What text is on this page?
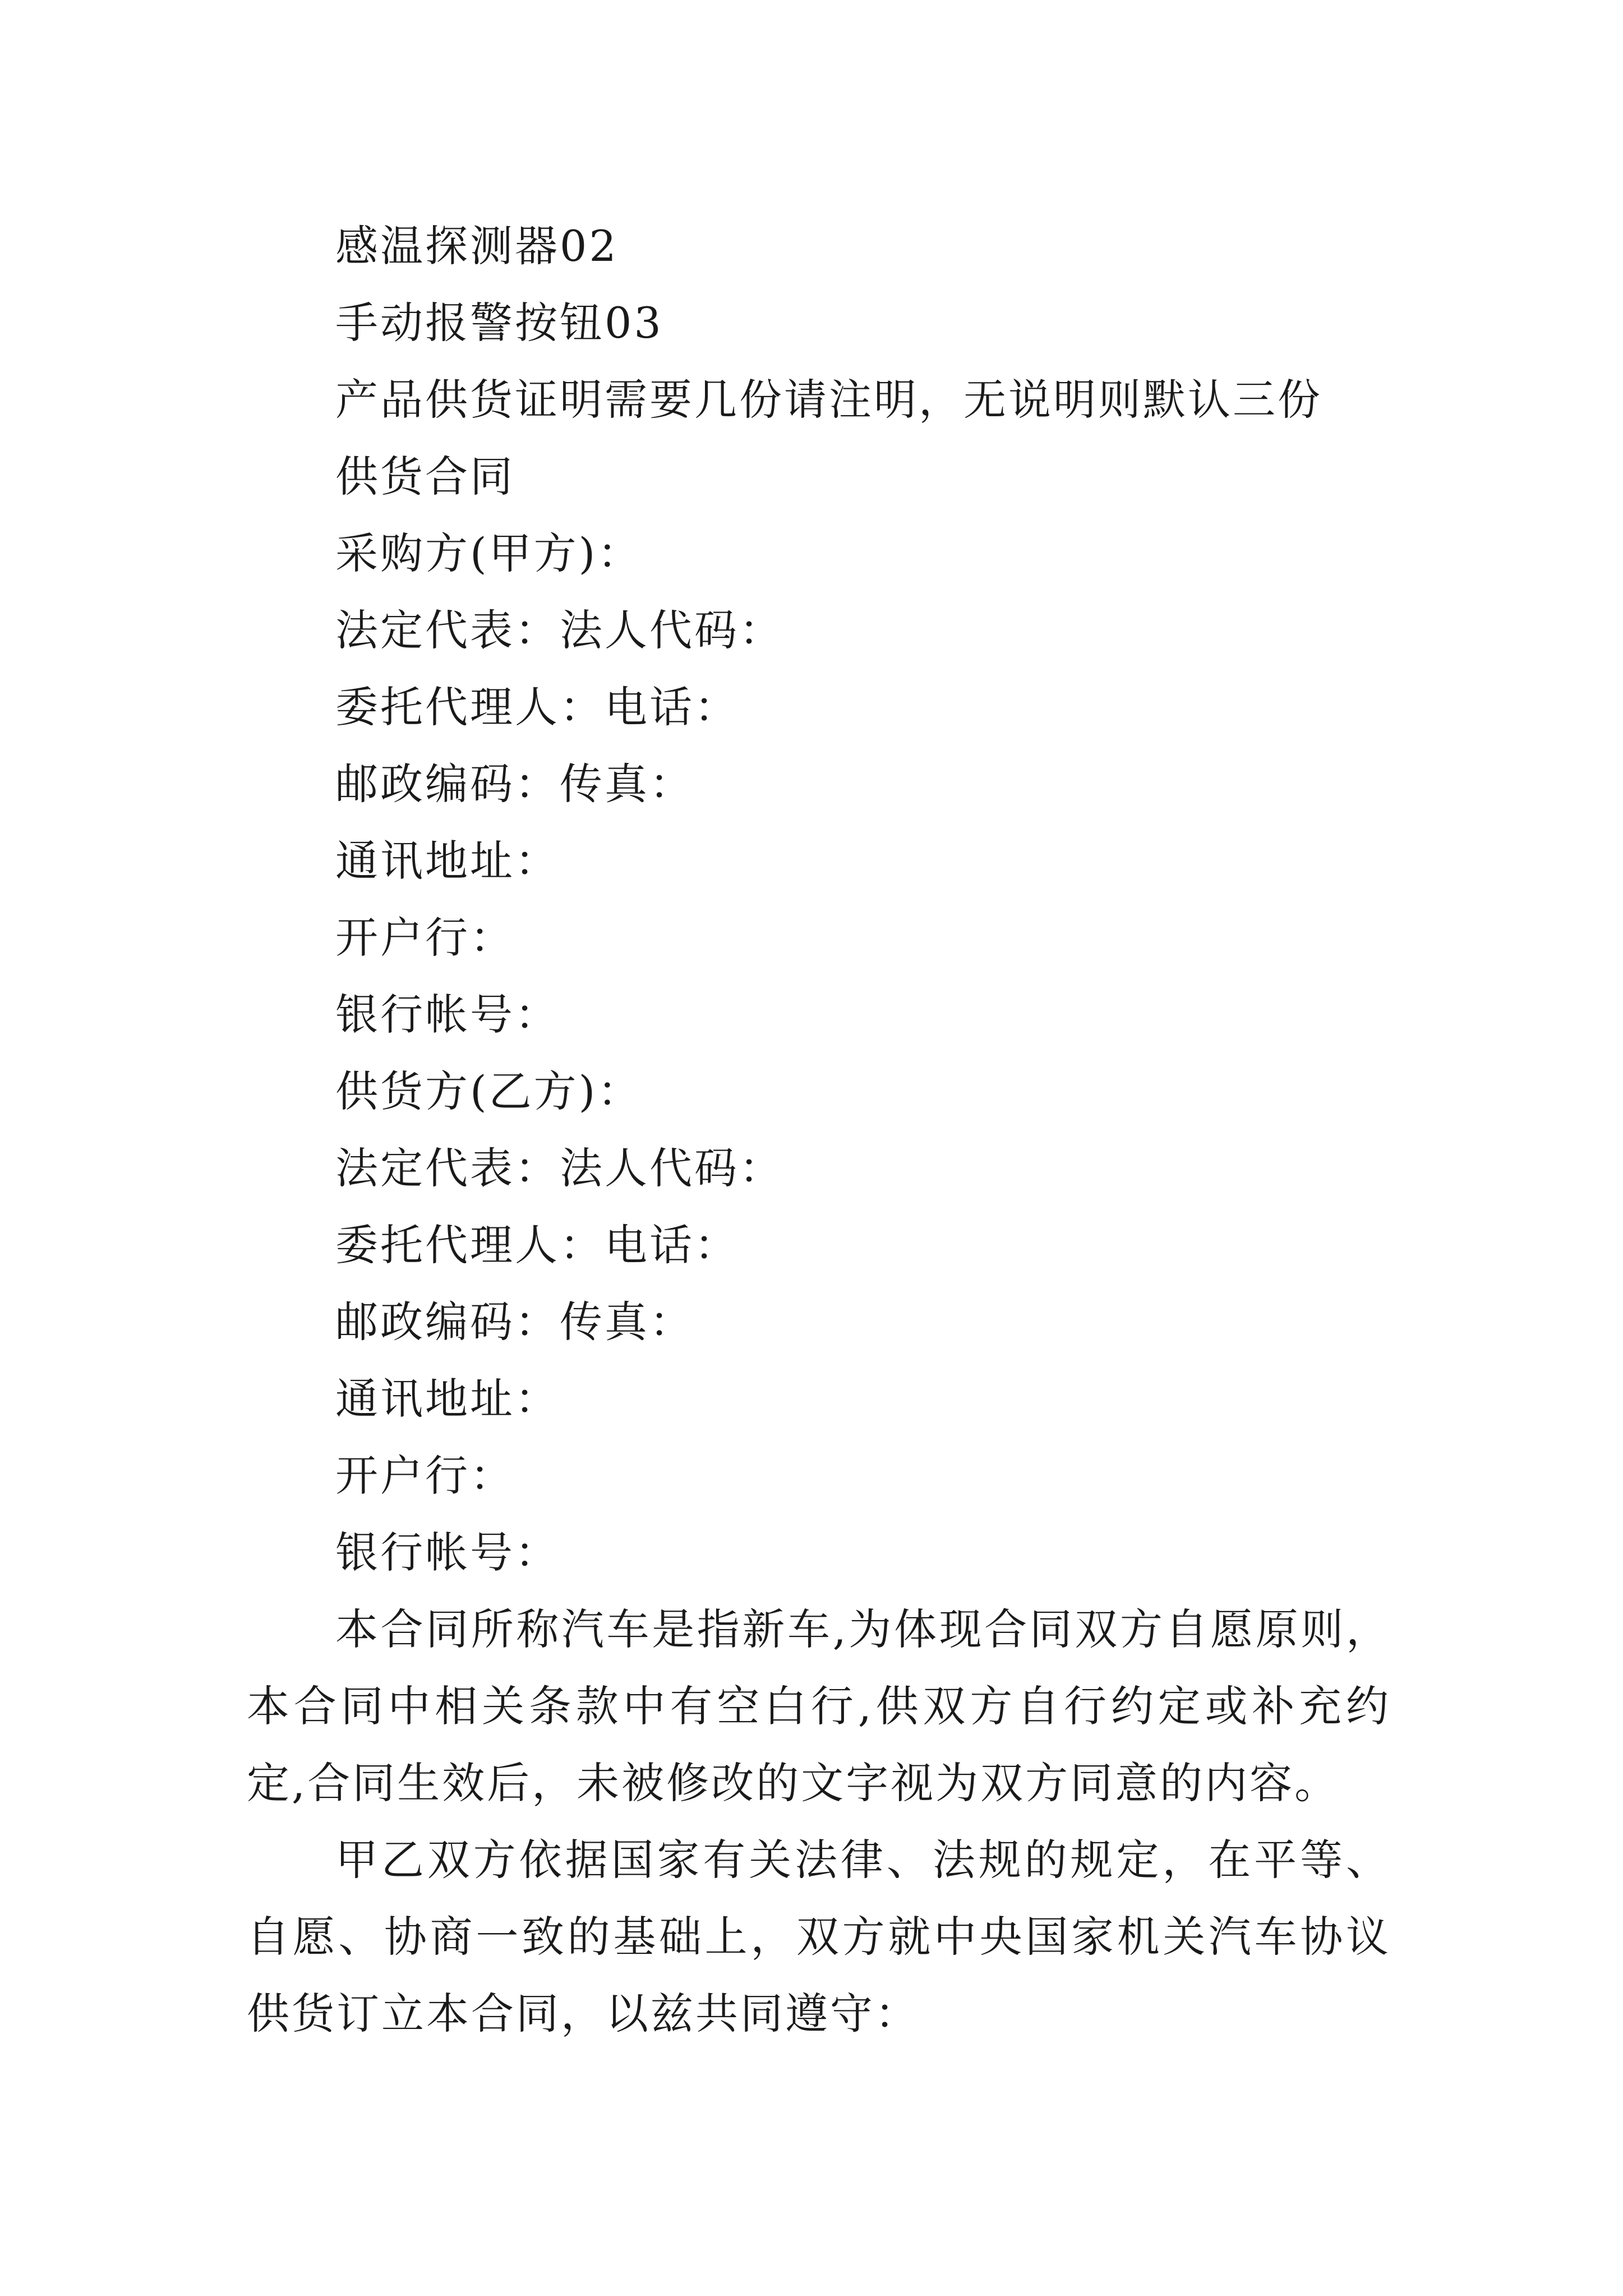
感温探测器02

手动报警按钮03

产品供货证明需要几份请注明，无说明则默认三份

供货合同

采购方(甲方)：

法定代表：法人代码：

委托代理人：电话：

邮政编码：传真：

通讯地址：

开户行：

银行帐号：

供货方(乙方)：

法定代表：法人代码：

委托代理人：电话：

邮政编码：传真：

通讯地址：

开户行：

银行帐号：

本合同所称汽车是指新车,为体现合同双方自愿原则，本合同中相关条款中有空白行,供双方自行约定或补充约定,合同生效后，未被修改的文字视为双方同意的内容。

甲乙双方依据国家有关法律、法规的规定，在平等、自愿、协商一致的基础上，双方就中央国家机关汽车协议供货订立本合同，以兹共同遵守：
